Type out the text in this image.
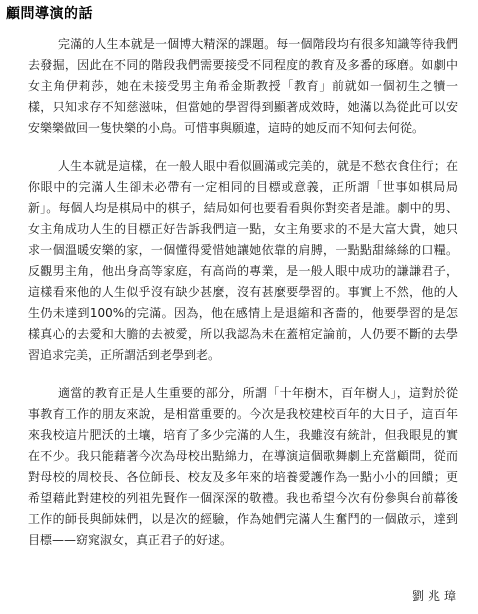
顧問導演的話

完滿的人生本就是一個博大精深的課題。每一個階段均有很多知識等待我們去發掘，因此在不同的階段我們需要接受不同程度的教育及多番的琢磨。如劇中女主角伊莉莎，她在未接受男主角希金斯教授「教育」前就如一個初生之犢一樣，只知求存不知慈滋味，但當她的學習得到顯著成效時，她滿以為從此可以安安樂樂做回一隻快樂的小鳥。可惜事與願違，這時的她反而不知何去何從。

人生本就是這樣，在一般人眼中看似圓滿或完美的，就是不愁衣食住行；在你眼中的完滿人生卻未必帶有一定相同的目標或意義，正所謂「世事如棋局局新」。每個人均是棋局中的棋子，結局如何也要看看與你對奕者是誰。劇中的男、女主角成功人生的目標正好告訴我們這一點，女主角要求的不是大富大貴，她只求一個溫暖安樂的家，一個懂得愛惜她讓她依靠的肩膊，一點點甜絲絲的口糧。反觀男主角，他出身高等家庭，有高尚的專業，是一般人眼中成功的謙謙君子，這樣看來他的人生似乎沒有缺少甚麼，沒有甚麼要學習的。事實上不然，他的人生仍未達到100%的完滿。因為，他在感情上是退縮和吝嗇的，他要學習的是怎樣真心的去愛和大膽的去被愛，所以我認為未在蓋棺定論前，人仍要不斷的去學習追求完美，正所謂活到老學到老。

適當的教育正是人生重要的部分，所謂「十年樹木，百年樹人」，這對於從事教育工作的朋友來說，是相當重要的。今次是我校建校百年的大日子，這百年來我校這片肥沃的土壤，培育了多少完滿的人生，我雖沒有統計，但我眼見的實在不少。我只能藉著今次為母校出點綿力，在導演這個歌舞劇上充當顧問，從而對母校的周校長、各位師長、校友及多年來的培養愛護作為一點小小的回饋；更希望藉此對建校的列祖先賢作一個深深的敬禮。我也希望今次有份參與台前幕後工作的師長與師妹們，以是次的經驗，作為她們完滿人生奮鬥的一個啟示，達到目標——窈窕淑女，真正君子的好逑。

劉兆璋
